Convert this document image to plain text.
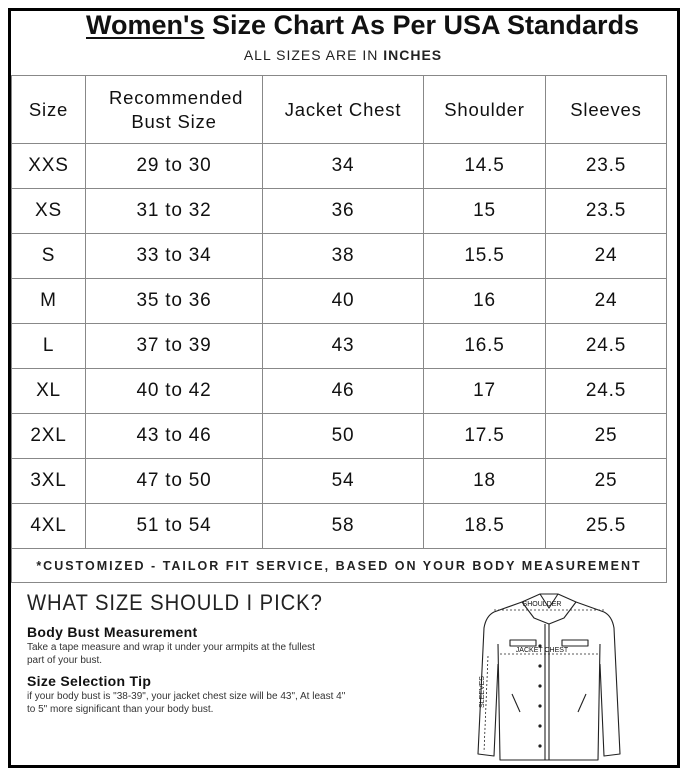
Women's Size Chart As Per USA Standards
ALL SIZES ARE IN INCHES
Size	Recommended Bust Size	Jacket Chest	Shoulder	Sleeves
XXS	29 to 30	34	14.5	23.5
XS	31 to 32	36	15	23.5
S	33 to 34	38	15.5	24
M	35 to 36	40	16	24
L	37 to 39	43	16.5	24.5
XL	40 to 42	46	17	24.5
2XL	43 to 46	50	17.5	25
3XL	47 to 50	54	18	25
4XL	51 to 54	58	18.5	25.5
*CUSTOMIZED - TAILOR FIT SERVICE, BASED ON YOUR BODY MEASUREMENT				
WHAT SIZE SHOULD I PICK?
Body Bust Measurement
Take a tape measure and wrap it under your armpits at the fullest part of your bust.
Size Selection Tip
if your body bust is "38-39", your jacket chest size will be 43", At least 4" to 5" more significant than your body bust.
SHOULDER
JACKET CHEST
SLEEVES
